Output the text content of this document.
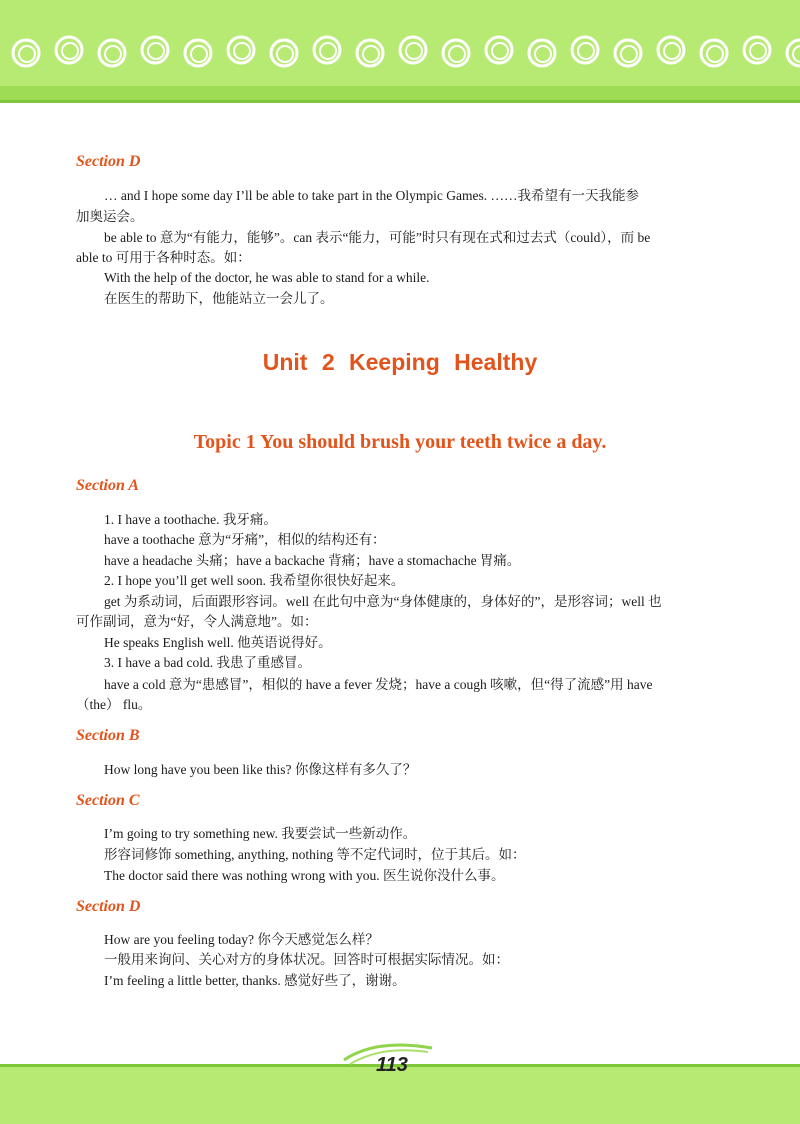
Section D
… and I hope some day I’ll be able to take part in the Olympic Games. ……我希望有一天我能参
加奥运会。
be able to 意为“有能力，能够”。can 表示“能力，可能”时只有现在式和过去式（could），而 be
able to 可用于各种时态。如：
With the help of the doctor, he was able to stand for a while.
在医生的帮助下，他能站立一会儿了。
Unit 2 Keeping Healthy
Topic 1 You should brush your teeth twice a day.
Section A
1. I have a toothache. 我牙痛。
have a toothache 意为“牙痛”，相似的结构还有：
have a headache 头痛；have a backache 背痛；have a stomachache 胃痛。
2. I hope you’ll get well soon. 我希望你很快好起来。
get 为系动词，后面跟形容词。well 在此句中意为“身体健康的，身体好的”，是形容词；well 也
可作副词，意为“好，令人满意地”。如：
He speaks English well. 他英语说得好。
3. I have a bad cold. 我患了重感冒。
have a cold 意为“患感冒”，相似的 have a fever 发烧；have a cough 咳嗽，但“得了流感”用 have
（the） flu。
Section B
How long have you been like this? 你像这样有多久了？
Section C
I’m going to try something new. 我要尝试一些新动作。
形容词修饰 something, anything, nothing 等不定代词时，位于其后。如：
The doctor said there was nothing wrong with you. 医生说你没什么事。
Section D
How are you feeling today? 你今天感觉怎么样？
一般用来询问、关心对方的身体状况。回答时可根据实际情况。如：
I’m feeling a little better, thanks. 感觉好些了，谢谢。
113
